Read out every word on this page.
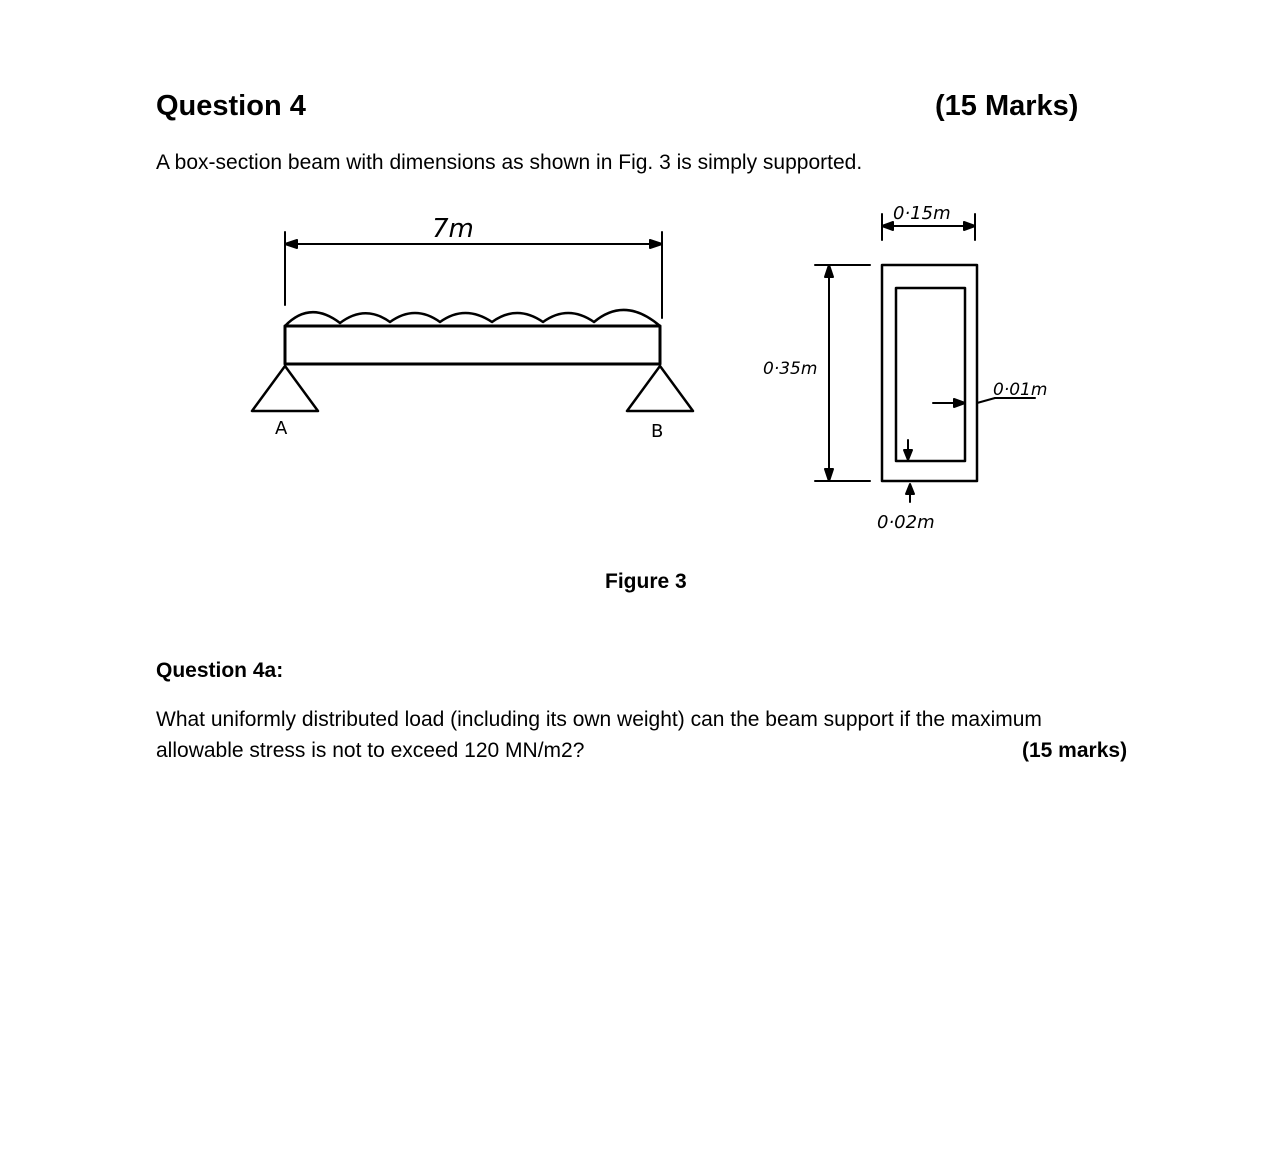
Question 4	(15 Marks)
A box-section beam with dimensions as shown in Fig. 3 is simply supported.
7m
A	B
0·15m
0·35m
0·01m
0·02m
Figure 3
Question 4a:
What uniformly distributed load (including its own weight) can the beam support if the maximum
allowable stress is not to exceed 120 MN/m2?	(15 marks)
